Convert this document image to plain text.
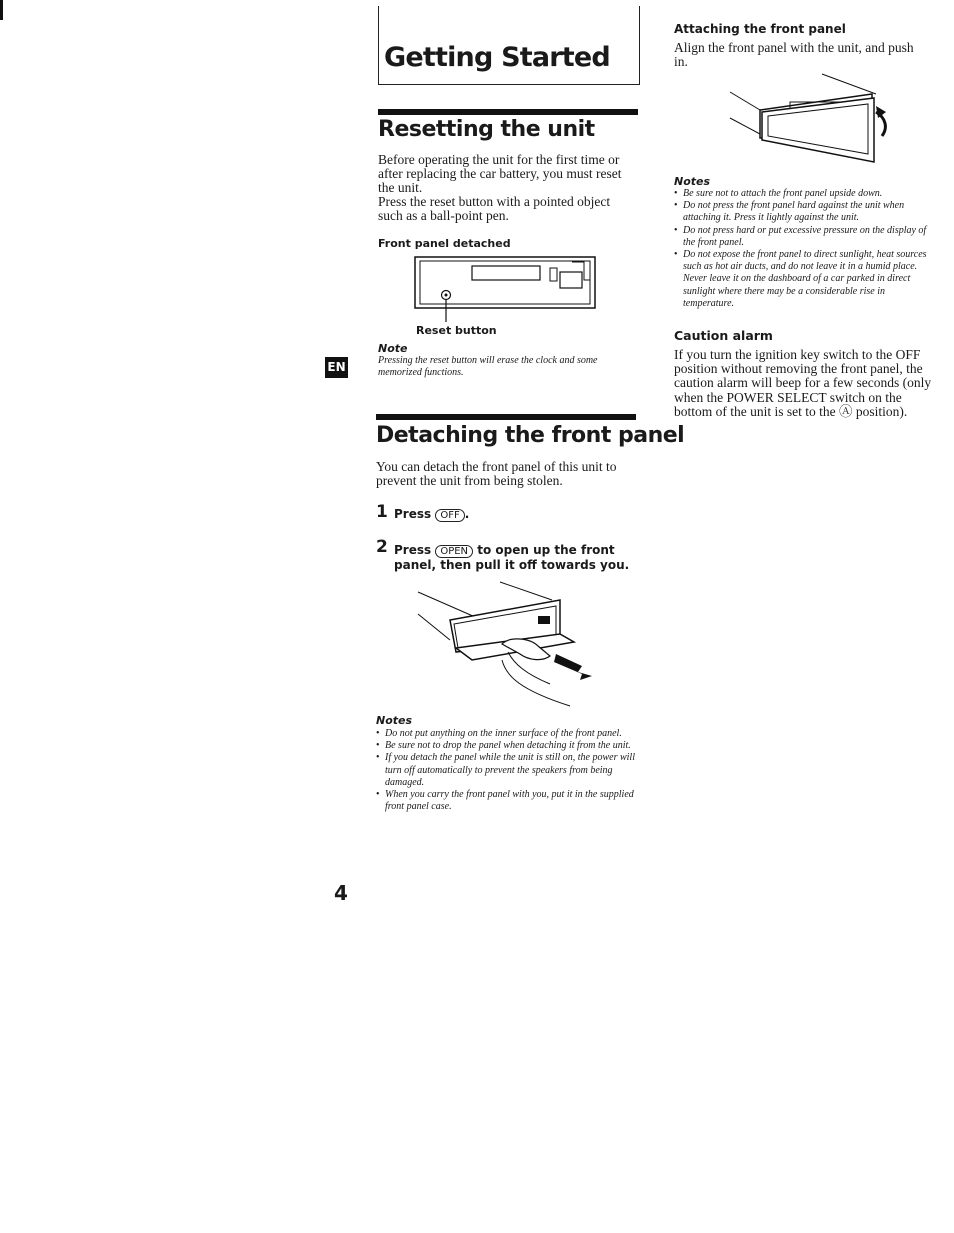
Getting Started
EN
Resetting the unit
Before operating the unit for the first time or after replacing the car battery, you must reset the unit.
Press the reset button with a pointed object such as a ball-point pen.
Front panel detached
Reset button
Note
Pressing the reset button will erase the clock and some memorized functions.
Detaching the front panel
You can detach the front panel of this unit to prevent the unit from being stolen.
1 Press OFF .
2 Press OPEN to open up the front panel, then pull it off towards you.
Notes
• Do not put anything on the inner surface of the front panel.
• Be sure not to drop the panel when detaching it from the unit.
• If you detach the panel while the unit is still on, the power will turn off automatically to prevent the speakers from being damaged.
• When you carry the front panel with you, put it in the supplied front panel case.
Attaching the front panel
Align the front panel with the unit, and push in.
Notes
• Be sure not to attach the front panel upside down.
• Do not press the front panel hard against the unit when attaching it. Press it lightly against the unit.
• Do not press hard or put excessive pressure on the display of the front panel.
• Do not expose the front panel to direct sunlight, heat sources such as hot air ducts, and do not leave it in a humid place. Never leave it on the dashboard of a car parked in direct sunlight where there may be a considerable rise in temperature.
Caution alarm
If you turn the ignition key switch to the OFF position without removing the front panel, the caution alarm will beep for a few seconds (only when the POWER SELECT switch on the bottom of the unit is set to the Ⓐ position).
4
